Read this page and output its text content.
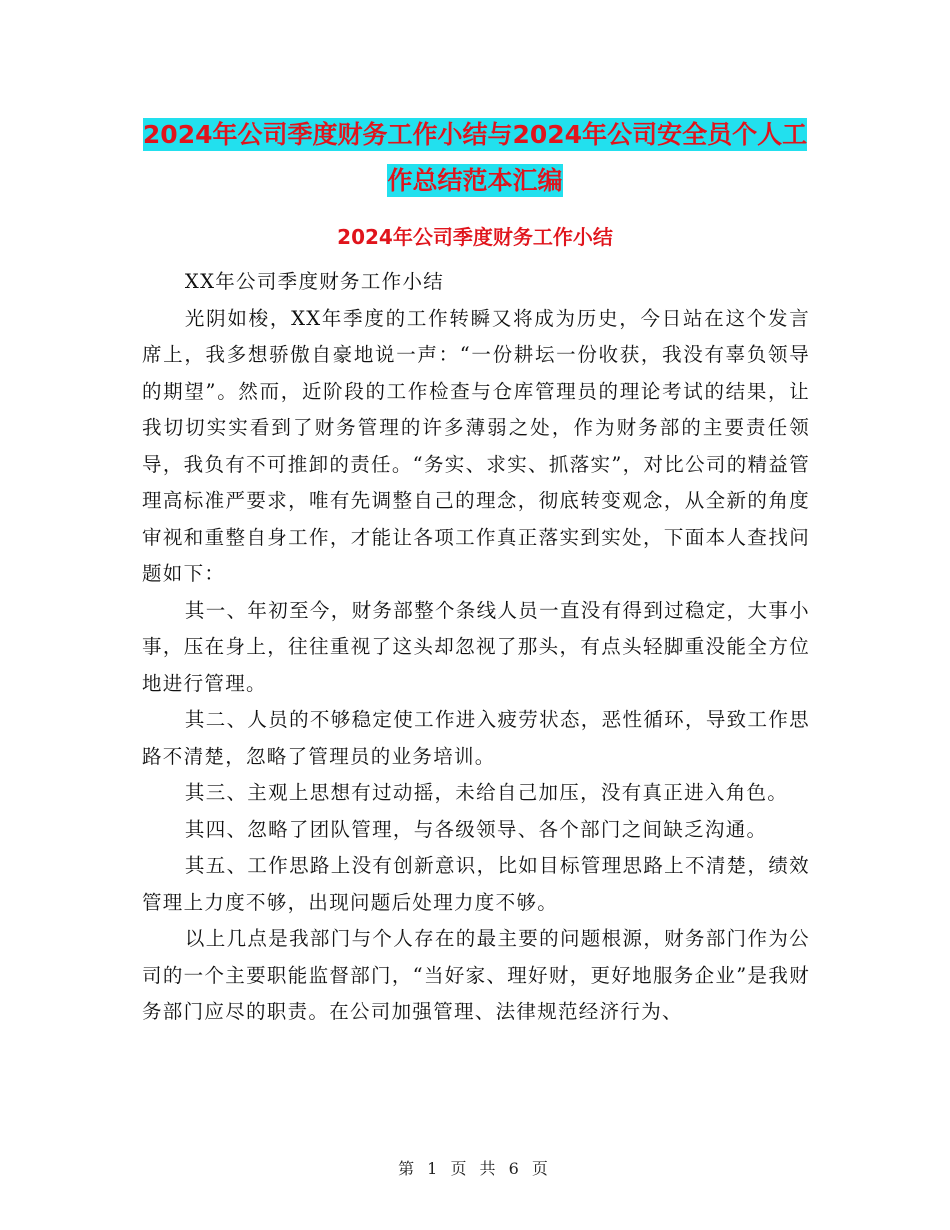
2024年公司季度财务工作小结与2024年公司安全员个人工作总结范本汇编
2024年公司季度财务工作小结

XX年公司季度财务工作小结

光阴如梭，XX年季度的工作转瞬又将成为历史，今日站在这个发言席上，我多想骄傲自豪地说一声：“一份耕坛一份收获，我没有辜负领导的期望”。然而，近阶段的工作检查与仓库管理员的理论考试的结果，让我切切实实看到了财务管理的许多薄弱之处，作为财务部的主要责任领导，我负有不可推卸的责任。“务实、求实、抓落实”，对比公司的精益管理高标准严要求，唯有先调整自己的理念，彻底转变观念，从全新的角度审视和重整自身工作，才能让各项工作真正落实到实处，下面本人查找问题如下：

其一、年初至今，财务部整个条线人员一直没有得到过稳定，大事小事，压在身上，往往重视了这头却忽视了那头，有点头轻脚重没能全方位地进行管理。

其二、人员的不够稳定使工作进入疲劳状态，恶性循环，导致工作思路不清楚，忽略了管理员的业务培训。

其三、主观上思想有过动摇，未给自己加压，没有真正进入角色。

其四、忽略了团队管理，与各级领导、各个部门之间缺乏沟通。

其五、工作思路上没有创新意识，比如目标管理思路上不清楚，绩效管理上力度不够，出现问题后处理力度不够。

以上几点是我部门与个人存在的最主要的问题根源，财务部门作为公司的一个主要职能监督部门，“当好家、理好财，更好地服务企业”是我财务部门应尽的职责。在公司加强管理、法律规范经济行为、

第 1 页 共 6 页
